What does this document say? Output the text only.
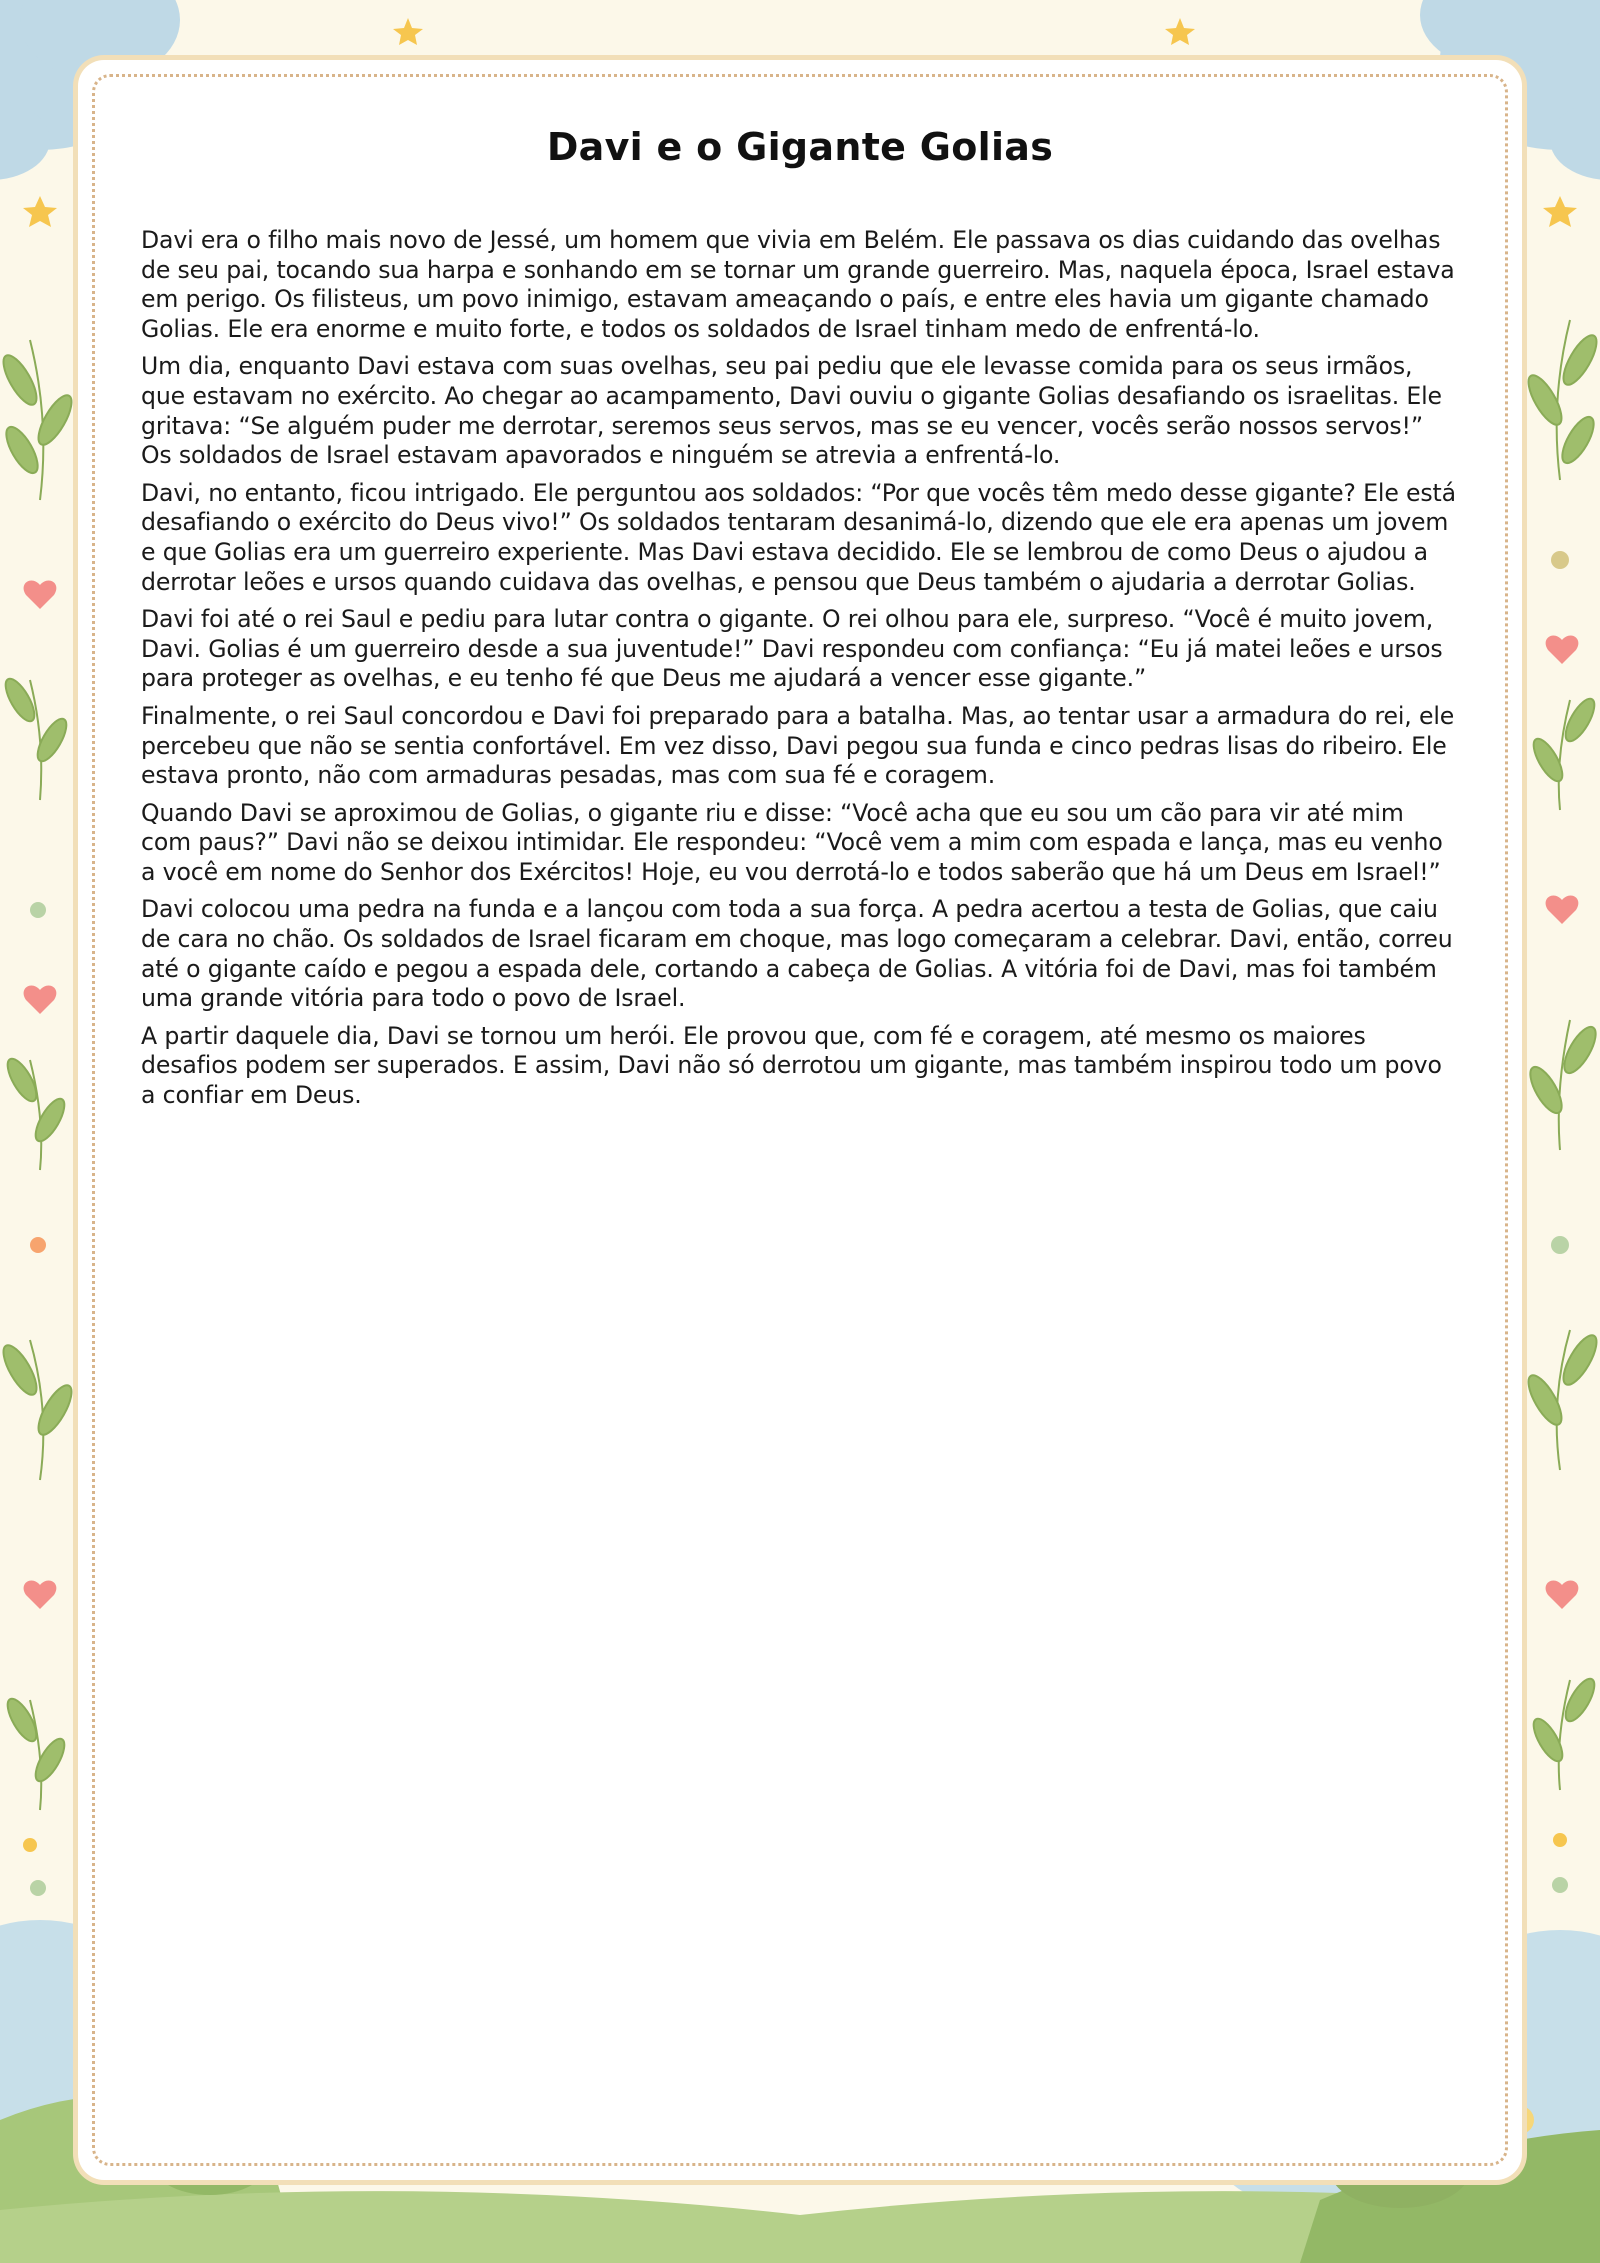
Davi e o Gigante Golias

Davi era o filho mais novo de Jessé, um homem que vivia em Belém. Ele passava os dias cuidando das ovelhas de seu pai, tocando sua harpa e sonhando em se tornar um grande guerreiro. Mas, naquela época, Israel estava em perigo. Os filisteus, um povo inimigo, estavam ameaçando o país, e entre eles havia um gigante chamado Golias. Ele era enorme e muito forte, e todos os soldados de Israel tinham medo de enfrentá-lo.

Um dia, enquanto Davi estava com suas ovelhas, seu pai pediu que ele levasse comida para os seus irmãos, que estavam no exército. Ao chegar ao acampamento, Davi ouviu o gigante Golias desafiando os israelitas. Ele gritava: “Se alguém puder me derrotar, seremos seus servos, mas se eu vencer, vocês serão nossos servos!” Os soldados de Israel estavam apavorados e ninguém se atrevia a enfrentá-lo.

Davi, no entanto, ficou intrigado. Ele perguntou aos soldados: “Por que vocês têm medo desse gigante? Ele está desafiando o exército do Deus vivo!” Os soldados tentaram desanimá-lo, dizendo que ele era apenas um jovem e que Golias era um guerreiro experiente. Mas Davi estava decidido. Ele se lembrou de como Deus o ajudou a derrotar leões e ursos quando cuidava das ovelhas, e pensou que Deus também o ajudaria a derrotar Golias.

Davi foi até o rei Saul e pediu para lutar contra o gigante. O rei olhou para ele, surpreso. “Você é muito jovem, Davi. Golias é um guerreiro desde a sua juventude!” Davi respondeu com confiança: “Eu já matei leões e ursos para proteger as ovelhas, e eu tenho fé que Deus me ajudará a vencer esse gigante.”

Finalmente, o rei Saul concordou e Davi foi preparado para a batalha. Mas, ao tentar usar a armadura do rei, ele percebeu que não se sentia confortável. Em vez disso, Davi pegou sua funda e cinco pedras lisas do ribeiro. Ele estava pronto, não com armaduras pesadas, mas com sua fé e coragem.

Quando Davi se aproximou de Golias, o gigante riu e disse: “Você acha que eu sou um cão para vir até mim com paus?” Davi não se deixou intimidar. Ele respondeu: “Você vem a mim com espada e lança, mas eu venho a você em nome do Senhor dos Exércitos! Hoje, eu vou derrotá-lo e todos saberão que há um Deus em Israel!”

Davi colocou uma pedra na funda e a lançou com toda a sua força. A pedra acertou a testa de Golias, que caiu de cara no chão. Os soldados de Israel ficaram em choque, mas logo começaram a celebrar. Davi, então, correu até o gigante caído e pegou a espada dele, cortando a cabeça de Golias. A vitória foi de Davi, mas foi também uma grande vitória para todo o povo de Israel.

A partir daquele dia, Davi se tornou um herói. Ele provou que, com fé e coragem, até mesmo os maiores desafios podem ser superados. E assim, Davi não só derrotou um gigante, mas também inspirou todo um povo a confiar em Deus.
